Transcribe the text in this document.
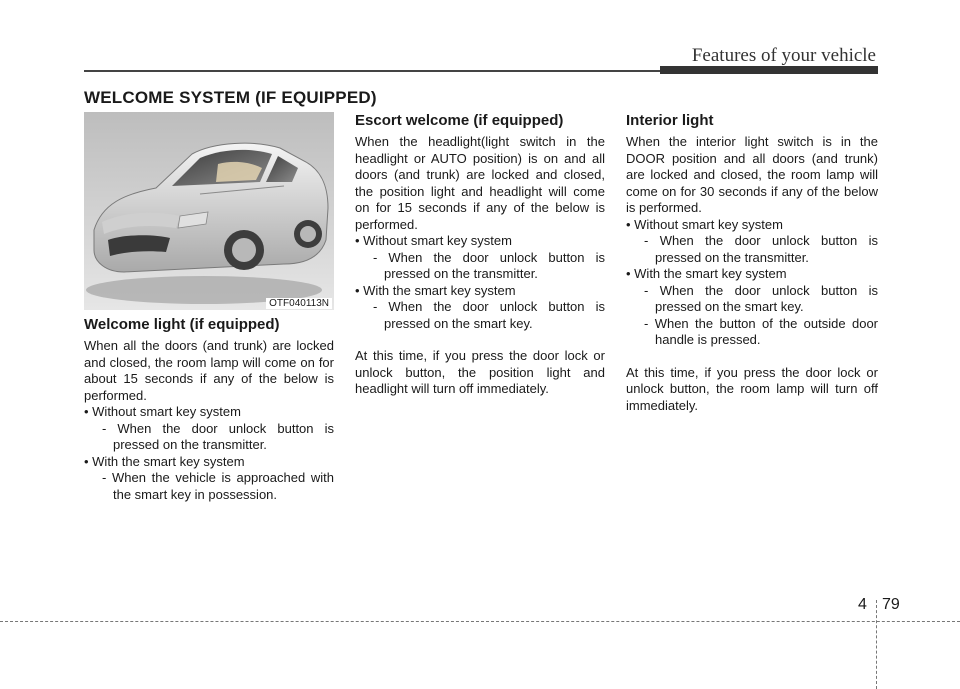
Features of your vehicle
WELCOME SYSTEM (IF EQUIPPED)
OTF040113N
Welcome light (if equipped)

When all the doors (and trunk) are locked and closed, the room lamp will come on for about 15 seconds if any of the below is performed.

• Without smart key system
- When the door unlock button is pressed on the transmitter.
• With the smart key system
- When the vehicle is approached with the smart key in possession.
Escort welcome (if equipped)

When the headlight(light switch in the headlight or AUTO position) is on and all doors (and trunk) are locked and closed, the position light and headlight will come on for 15 seconds if any of the below is performed.

• Without smart key system
- When the door unlock button is pressed on the transmitter.
• With the smart key system
- When the door unlock button is pressed on the smart key.

At this time, if you press the door lock or unlock button, the position light and headlight will turn off immediately.

Interior light

When the interior light switch is in the DOOR position and all doors (and trunk) are locked and closed, the room lamp will come on for 30 seconds if any of the below is performed.

• Without smart key system
- When the door unlock button is pressed on the transmitter.
• With the smart key system
- When the door unlock button is pressed on the smart key.
- When the button of the outside door handle is pressed.

At this time, if you press the door lock or unlock button, the room lamp will turn off immediately.

4 79
